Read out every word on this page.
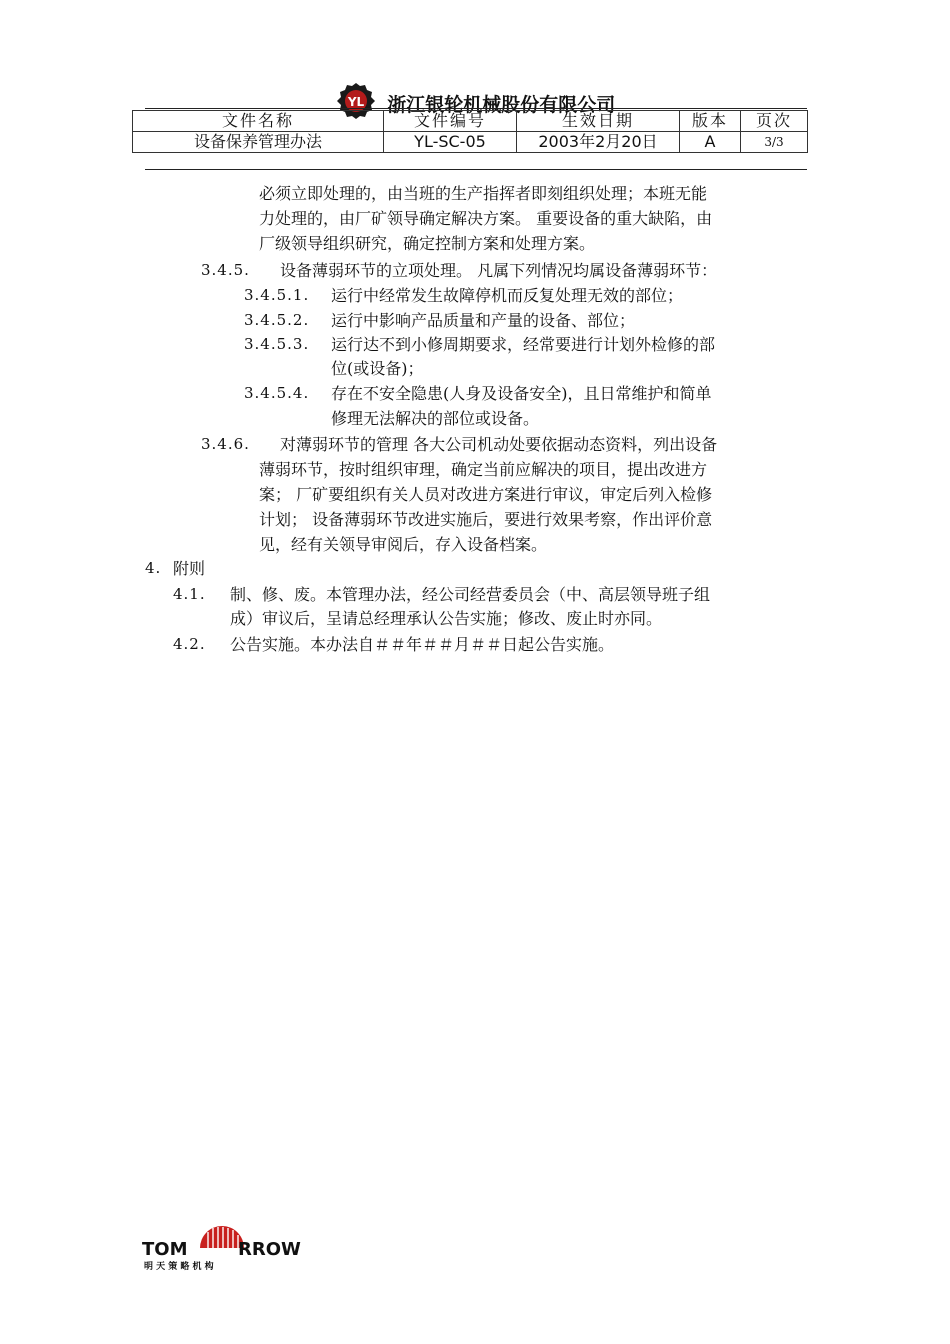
YL 浙江银轮机械股份有限公司
文件名称	文件编号	生效日期	版本	页次
设备保养管理办法	YL-SC-05	2003年2月20日	A	3/3
必须立即处理的，由当班的生产指挥者即刻组织处理；本班无能
力处理的，由厂矿领导确定解决方案。 重要设备的重大缺陷，由
厂级领导组织研究，确定控制方案和处理方案。
3.4.5. 设备薄弱环节的立项处理。 凡属下列情况均属设备薄弱环节：
3.4.5.1. 运行中经常发生故障停机而反复处理无效的部位；
3.4.5.2. 运行中影响产品质量和产量的设备、部位；
3.4.5.3. 运行达不到小修周期要求，经常要进行计划外检修的部
位(或设备)；
3.4.5.4. 存在不安全隐患(人身及设备安全)，且日常维护和简单
修理无法解决的部位或设备。
3.4.6. 对薄弱环节的管理 各大公司机动处要依据动态资料，列出设备
薄弱环节，按时组织审理，确定当前应解决的项目，提出改进方
案； 厂矿要组织有关人员对改进方案进行审议，审定后列入检修
计划； 设备薄弱环节改进实施后，要进行效果考察，作出评价意
见，经有关领导审阅后，存入设备档案。
4. 附则
4.1. 制、修、废。本管理办法，经公司经营委员会（中、高层领导班子组
成）审议后，呈请总经理承认公告实施；修改、废止时亦同。
4.2. 公告实施。本办法自＃＃年＃＃月＃＃日起公告实施。
TOM	RROW
明 天 策 略 机 构
